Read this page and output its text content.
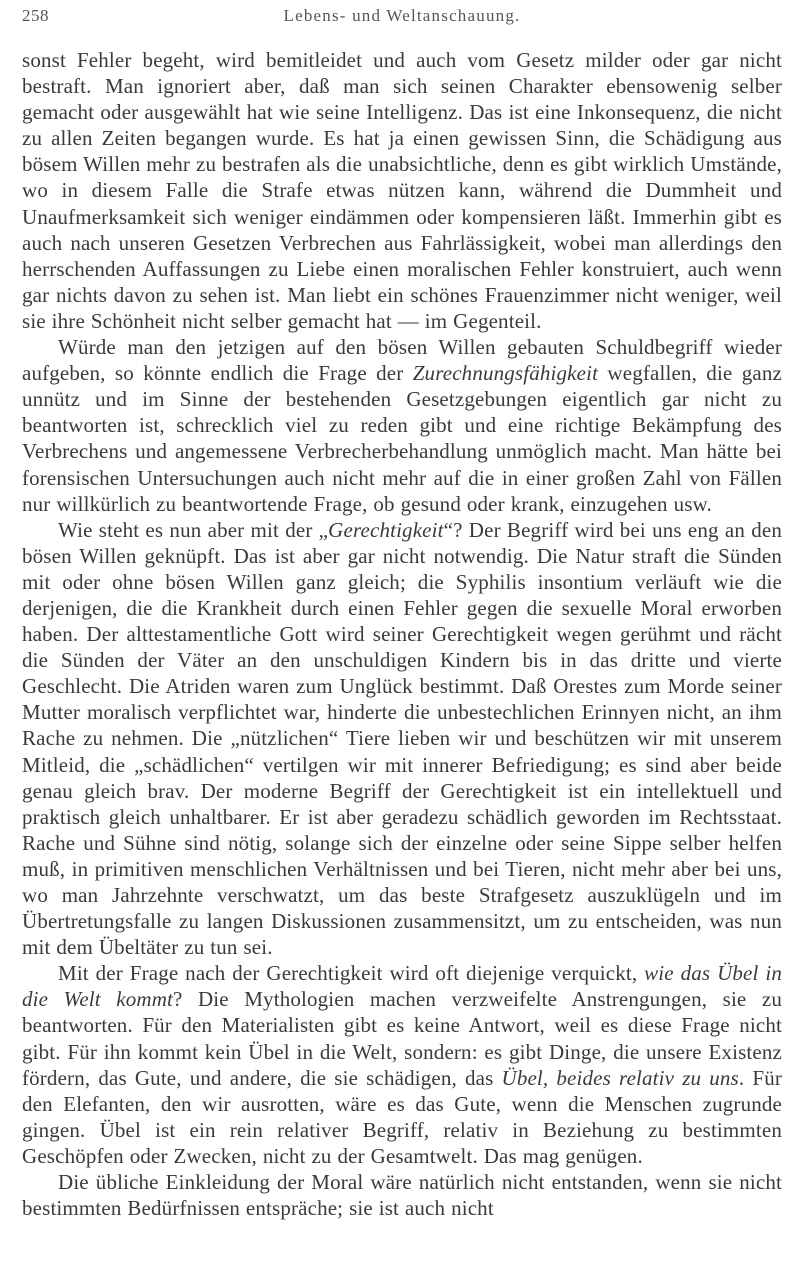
258	Lebens- und Weltanschauung.

sonst Fehler begeht, wird bemitleidet und auch vom Gesetz milder oder gar nicht bestraft. Man ignoriert aber, daß man sich seinen Charakter ebensowenig selber gemacht oder ausgewählt hat wie seine Intelligenz. Das ist eine Inkonsequenz, die nicht zu allen Zeiten begangen wurde. Es hat ja einen gewissen Sinn, die Schädigung aus bösem Willen mehr zu bestrafen als die unabsichtliche, denn es gibt wirklich Umstände, wo in diesem Falle die Strafe etwas nützen kann, während die Dummheit und Unaufmerksamkeit sich weniger eindämmen oder kompensieren läßt. Immerhin gibt es auch nach unseren Gesetzen Verbrechen aus Fahrlässigkeit, wobei man allerdings den herrschenden Auffassungen zu Liebe einen moralischen Fehler konstruiert, auch wenn gar nichts davon zu sehen ist. Man liebt ein schönes Frauenzimmer nicht weniger, weil sie ihre Schönheit nicht selber gemacht hat — im Gegenteil.

Würde man den jetzigen auf den bösen Willen gebauten Schuldbegriff wieder aufgeben, so könnte endlich die Frage der Zurechnungsfähigkeit wegfallen, die ganz unnütz und im Sinne der bestehenden Gesetzgebungen eigentlich gar nicht zu beantworten ist, schrecklich viel zu reden gibt und eine richtige Bekämpfung des Verbrechens und angemessene Verbrecherbehandlung unmöglich macht. Man hätte bei forensischen Untersuchungen auch nicht mehr auf die in einer großen Zahl von Fällen nur willkürlich zu beantwortende Frage, ob gesund oder krank, einzugehen usw.

Wie steht es nun aber mit der „Gerechtigkeit“? Der Begriff wird bei uns eng an den bösen Willen geknüpft. Das ist aber gar nicht notwendig. Die Natur straft die Sünden mit oder ohne bösen Willen ganz gleich; die Syphilis insontium verläuft wie die derjenigen, die die Krankheit durch einen Fehler gegen die sexuelle Moral erworben haben. Der alttestamentliche Gott wird seiner Gerechtigkeit wegen gerühmt und rächt die Sünden der Väter an den unschuldigen Kindern bis in das dritte und vierte Geschlecht. Die Atriden waren zum Unglück bestimmt. Daß Orestes zum Morde seiner Mutter moralisch verpflichtet war, hinderte die unbestechlichen Erinnyen nicht, an ihm Rache zu nehmen. Die „nützlichen“ Tiere lieben wir und beschützen wir mit unserem Mitleid, die „schädlichen“ vertilgen wir mit innerer Befriedigung; es sind aber beide genau gleich brav. Der moderne Begriff der Gerechtigkeit ist ein intellektuell und praktisch gleich unhaltbarer. Er ist aber geradezu schädlich geworden im Rechtsstaat. Rache und Sühne sind nötig, solange sich der einzelne oder seine Sippe selber helfen muß, in primitiven menschlichen Verhältnissen und bei Tieren, nicht mehr aber bei uns, wo man Jahrzehnte verschwatzt, um das beste Strafgesetz auszuklügeln und im Übertretungsfalle zu langen Diskussionen zusammensitzt, um zu entscheiden, was nun mit dem Übeltäter zu tun sei.

Mit der Frage nach der Gerechtigkeit wird oft diejenige verquickt, wie das Übel in die Welt kommt? Die Mythologien machen verzweifelte Anstrengungen, sie zu beantworten. Für den Materialisten gibt es keine Antwort, weil es diese Frage nicht gibt. Für ihn kommt kein Übel in die Welt, sondern: es gibt Dinge, die unsere Existenz fördern, das Gute, und andere, die sie schädigen, das Übel, beides relativ zu uns. Für den Elefanten, den wir ausrotten, wäre es das Gute, wenn die Menschen zugrunde gingen. Übel ist ein rein relativer Begriff, relativ in Beziehung zu bestimmten Geschöpfen oder Zwecken, nicht zu der Gesamtwelt. Das mag genügen.

Die übliche Einkleidung der Moral wäre natürlich nicht entstanden, wenn sie nicht bestimmten Bedürfnissen entspräche; sie ist auch nicht
